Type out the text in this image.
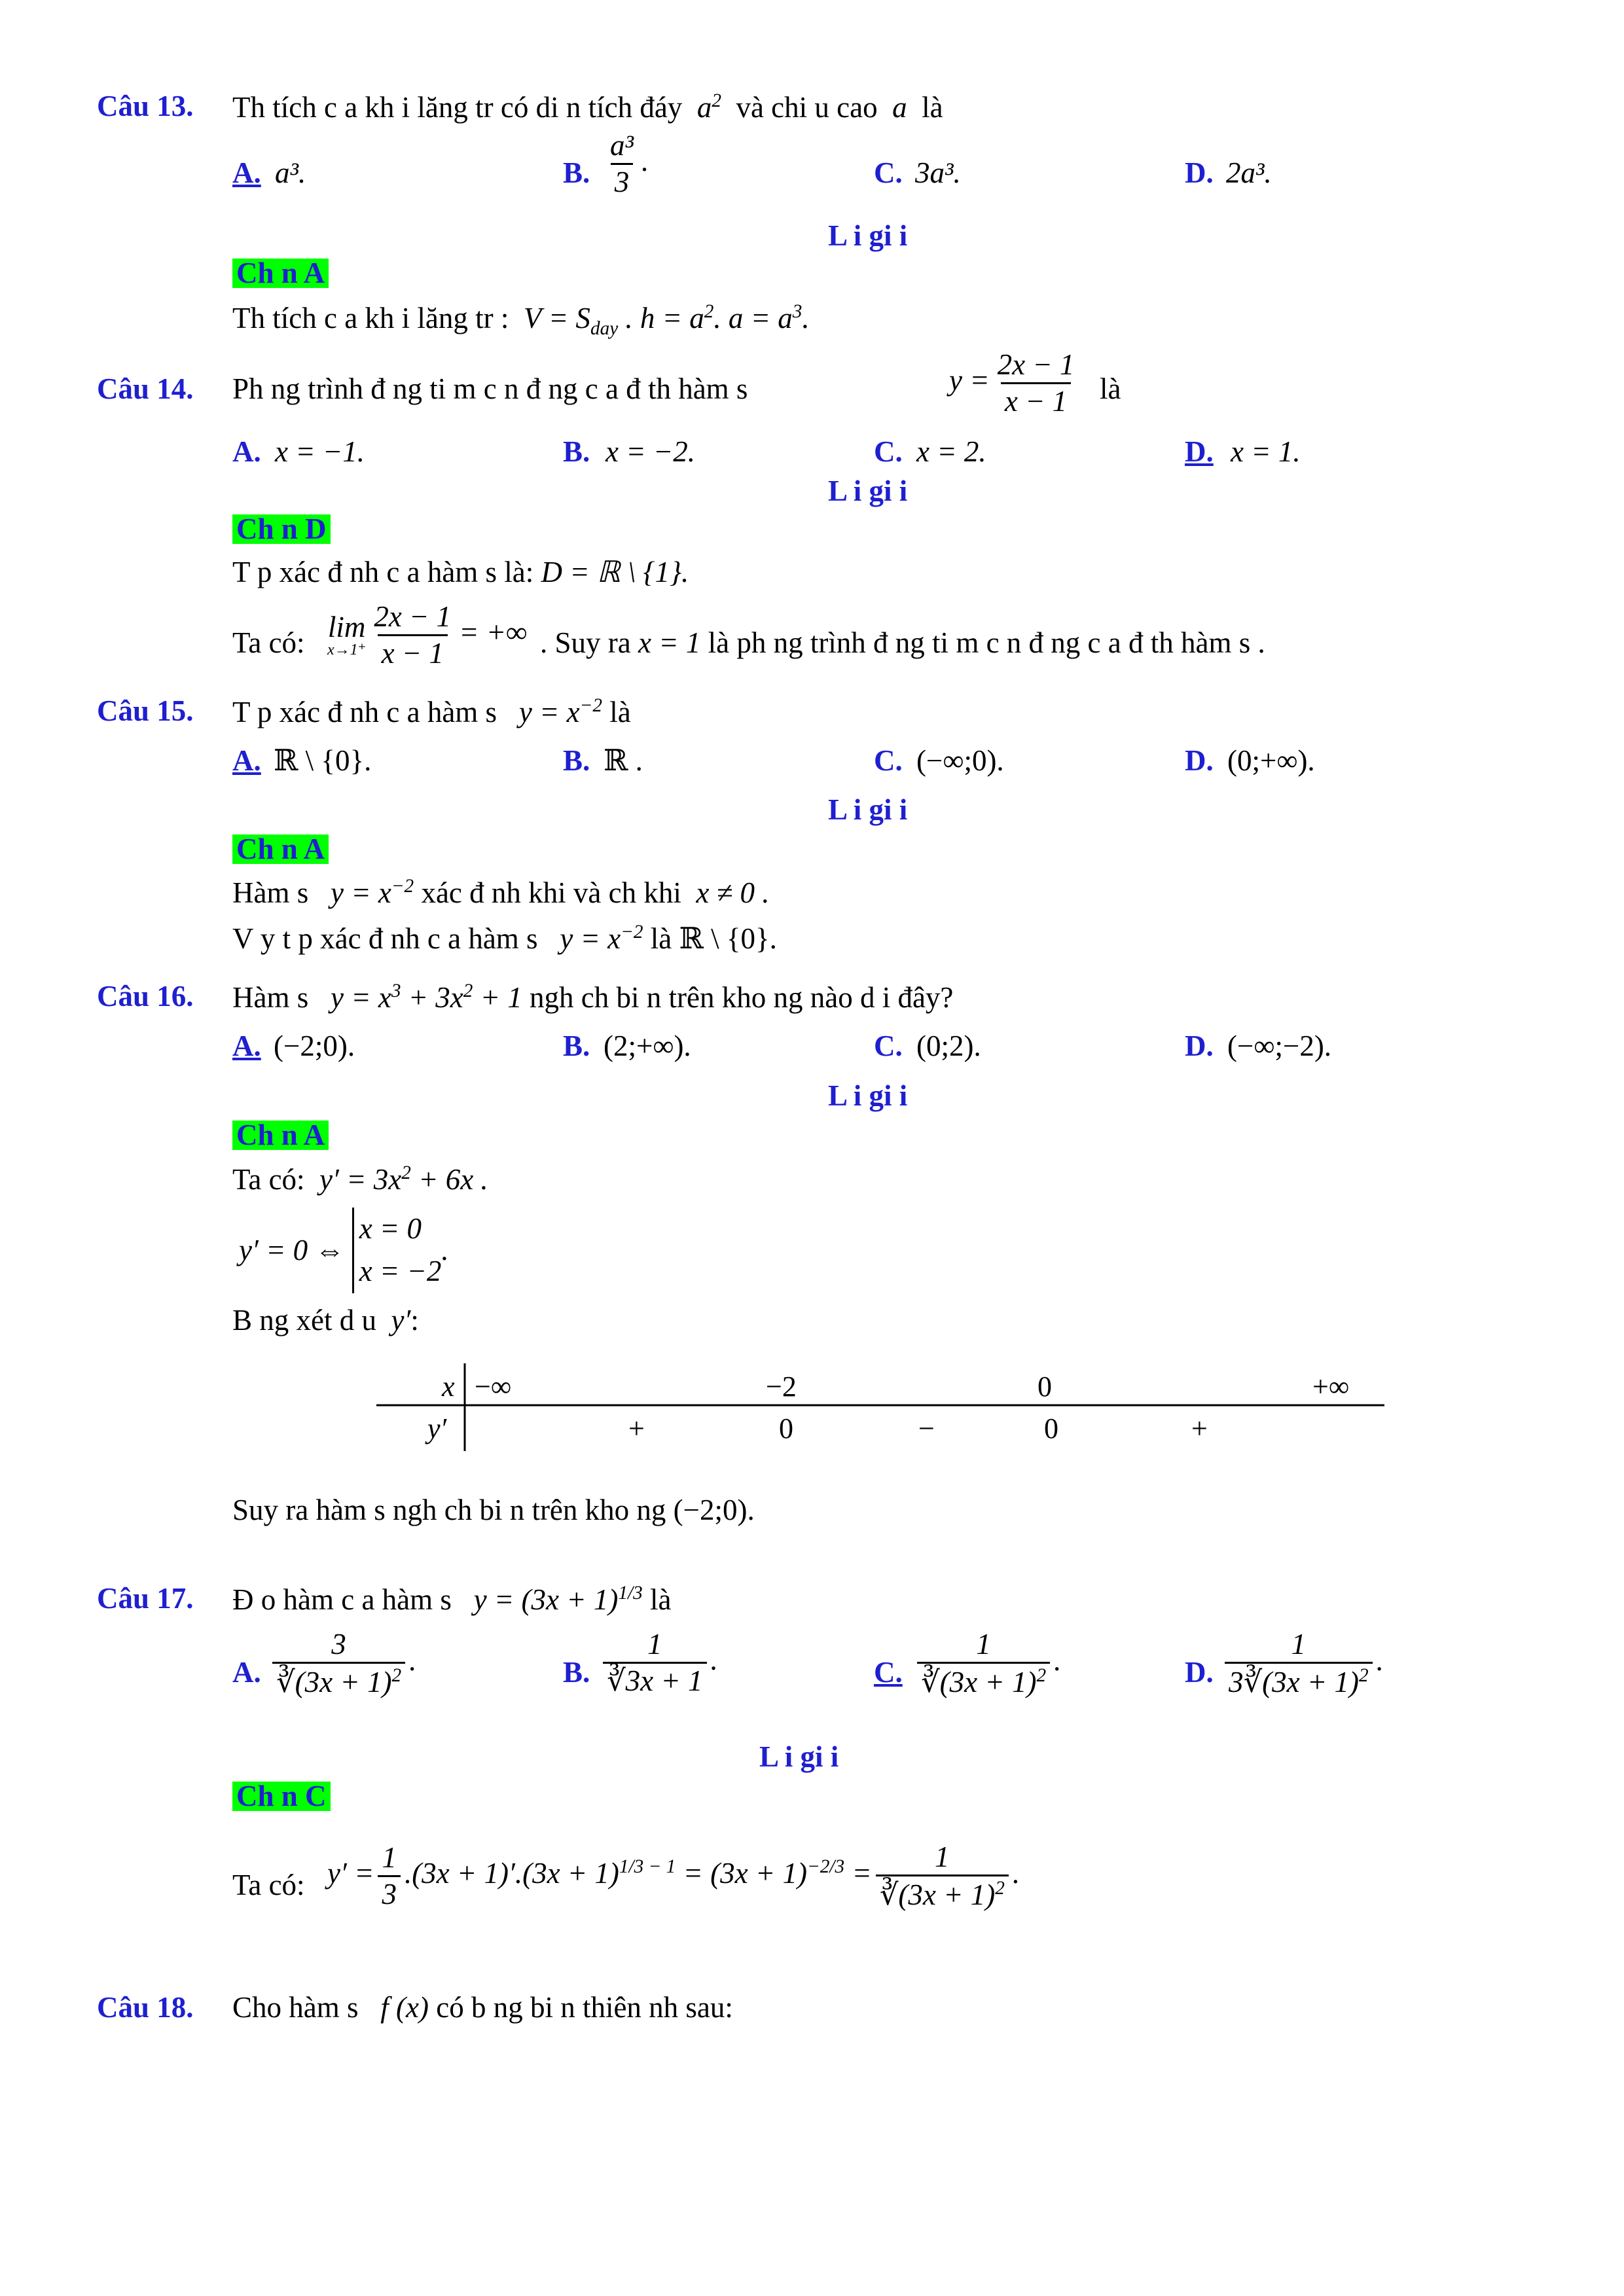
Câu 13. Th tích c a kh i lăng tr có di n tích đáy  $a^2$ và chi u cao  a  là
A. a³.	B. $\frac{\text{a³}}{3}$ .	C. 3a³.	D. 2a³.
L i gi i
Ch n A
Th tích c a kh i lăng tr :  $V = S_{day}$ . $h = a^2$. $a = a^3$.
Câu 14. Ph ng trình đ ng ti m c n đ ng c a đ th hàm s	$y = \frac{2x - 1}{x - 1}$ là
A. x = −1.	B. x = −2.	C. x = 2.	D. x = 1.
L i gi i
Ch n D
T p xác đ nh c a hàm s là: D = ℝ \ {1}.
Ta có: lim
$x\to 1^+ \frac{2x - 1}{x - 1}$ = +∞ . Suy ra x = 1 là ph ng trình đ ng ti m c n đ ng c a đ th hàm s .
Câu 15. T p xác đ nh c a hàm s   $y = x^{-2}$ là
A. ℝ \ {0}.	B. ℝ .	C. (−∞;0).	D. (0;+∞).
L i gi i
Ch n A
Hàm s   $y = x^{-2}$ xác đ nh khi và ch khi  x ≠ 0 .
V y t p xác đ nh c a hàm s   $y = x^{-2}$ là ℝ \ {0}.
Câu 16. Hàm s   $y = x^3 + 3x^2 + 1$ ngh ch bi n trên kho ng nào d i đây?
A. (−2;0).	B. (2;+∞).	C. (0;2).	D. (−∞;−2).
L i gi i
Ch n A
Ta có:  $y' = 3x^2 + 6x$ .
y′ = 0 ⇔ x = 0
x = −2.
B ng xét d u  y′:
x −∞	−2	0	+∞
y′	+	0	−	0	+
Suy ra hàm s ngh ch bi n trên kho ng (−2;0).
Câu 17. Đ o hàm c a hàm s   $y = (3x + 1)^{1/3}$ là
A. $\frac{3}{∛(3x + 1)^2}$ .	B. $\frac{1}{∛3x + 1}$ .	C. $\frac{1}{∛(3x + 1)^2}$ .	D. $\frac{1}{3∛(3x + 1)^2}$ .
L i gi i
Ch n C
Ta có: $y' = \frac{1}{3} .(3x + 1)'.(3x + 1)^{1/3 - 1} = (3x + 1)^{-2/3} = \frac{1}{∛(3x + 1)^2}$ .
Câu 18. Cho hàm s   f (x) có b ng bi n thiên nh sau:
